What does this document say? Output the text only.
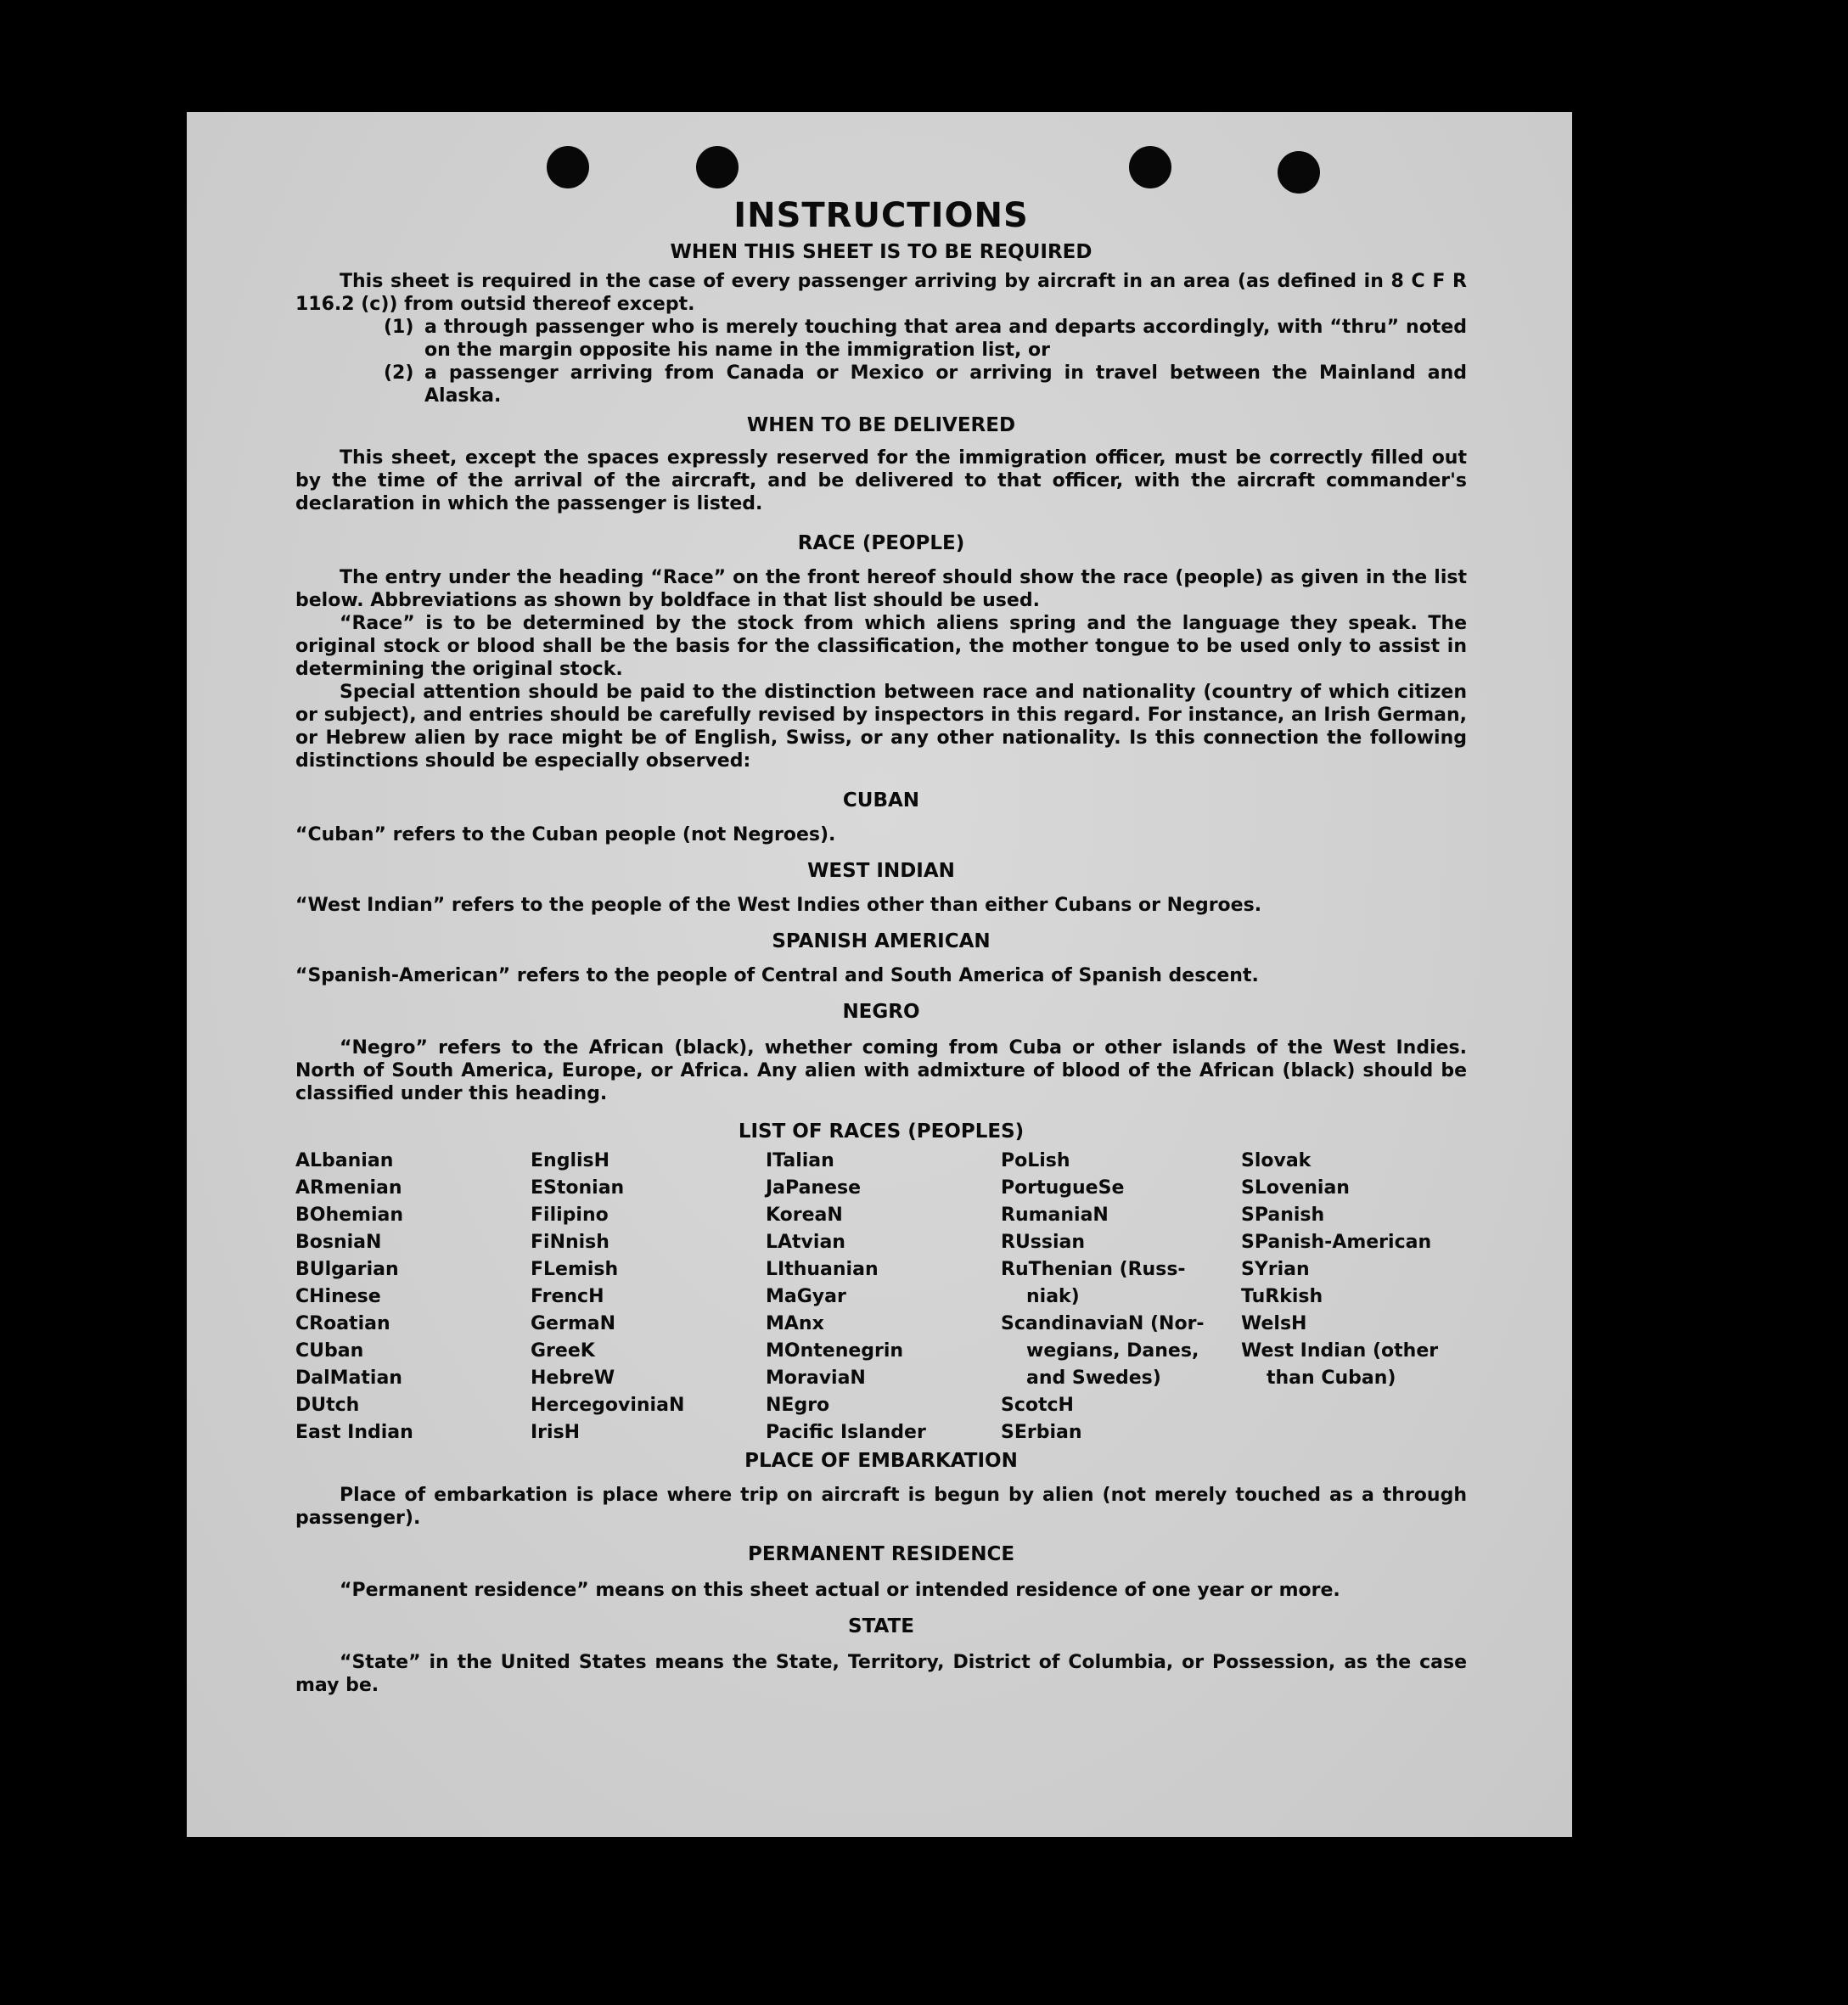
INSTRUCTIONS
WHEN THIS SHEET IS TO BE REQUIRED

This sheet is required in the case of every passenger arriving by aircraft in an area (as defined in 8 C F R 116.2 (c)) from outsid thereof except.

(1) a through passenger who is merely touching that area and departs accordingly, with “thru” noted on the margin opposite his name in the immigration list, or
(2) a passenger arriving from Canada or Mexico or arriving in travel between the Mainland and Alaska.
WHEN TO BE DELIVERED

This sheet, except the spaces expressly reserved for the immigration officer, must be correctly filled out by the time of the arrival of the aircraft, and be delivered to that officer, with the aircraft commander's declaration in which the passenger is listed.

RACE (PEOPLE)

The entry under the heading “Race” on the front hereof should show the race (people) as given in the list below. Abbreviations as shown by boldface in that list should be used.

“Race” is to be determined by the stock from which aliens spring and the language they speak. The original stock or blood shall be the basis for the classification, the mother tongue to be used only to assist in determining the original stock.

Special attention should be paid to the distinction between race and nationality (country of which citizen or subject), and entries should be carefully revised by inspectors in this regard. For instance, an Irish German, or Hebrew alien by race might be of English, Swiss, or any other nationality. Is this connection the following distinctions should be especially observed:

CUBAN

“Cuban” refers to the Cuban people (not Negroes).

WEST INDIAN

“West Indian” refers to the people of the West Indies other than either Cubans or Negroes.

SPANISH AMERICAN

“Spanish-American” refers to the people of Central and South America of Spanish descent.

NEGRO

“Negro” refers to the African (black), whether coming from Cuba or other islands of the West Indies. North of South America, Europe, or Africa. Any alien with admixture of blood of the African (black) should be classified under this heading.

LIST OF RACES (PEOPLES)
ALbanian
ARmenian
BOhemian
BosniaN
BUlgarian
CHinese
CRoatian
CUban
DalMatian
DUtch
East Indian
EnglisH
EStonian
Filipino
FiNnish
FLemish
FrencH
GermaN
GreeK
HebreW
HercegoviniaN
IrisH
ITalian
JaPanese
KoreaN
LAtvian
LIthuanian
MaGyar
MAnx
MOntenegrin
MoraviaN
NEgro
Pacific Islander
PoLish
PortugueSe
RumaniaN
RUssian
RuThenian (Russ-
niak)
ScandinaviaN (Nor-
wegians, Danes,
and Swedes)
ScotcH
SErbian
Slovak
SLovenian
SPanish
SPanish-American
SYrian
TuRkish
WelsH
West Indian (other
than Cuban)
PLACE OF EMBARKATION

Place of embarkation is place where trip on aircraft is begun by alien (not merely touched as a through passenger).

PERMANENT RESIDENCE

“Permanent residence” means on this sheet actual or intended residence of one year or more.

STATE

“State” in the United States means the State, Territory, District of Columbia, or Possession, as the case may be.
